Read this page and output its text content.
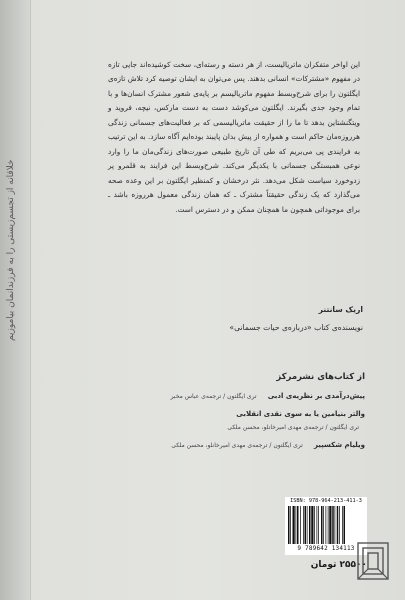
خلاقانه از تجسم‌زیستی را به فرزندانمان بیاموزیم

این اواخر متفکران ماتریالیست، از هر دسته و رسته‌ای، سخت کوشیده‌اند جایی تازه در مفهوم «مشترکات» انسانی بدهند. پس می‌توان به ایشان توصیه کرد تلاش تازه‌ی ایگلتون را برای شرح‌وبسط مفهوم ماتریالیسم بر پایه‌ی شعور مشترک انسان‌ها و با تمام وجود جدی بگیرند. ایگلتون می‌کوشد دست به دست مارکس، نیچه، فروید و ویتگنشتاین بدهد تا ما را از حقیقت ماتریالیسمی که بر فعالیت‌های جسمانی زندگی هرروزه‌مان حاکم است و همواره از پیش بدان پایبند بوده‌ایم آگاه سازد. به این ترتیب به فرایندی پی می‌بریم که طی آن تاریخ طبیعی صورت‌های زندگی‌مان ما را وارد نوعی همبستگی جسمانی با یکدیگر می‌کند. شرح‌وبسط این فرایند به قلمرو پر زدوخورد سیاست شکل می‌دهد. نثر درخشان و کمنظیر ایگلتون بر این وعده صحه می‌گذارد که یک زندگی حقیقتاً مشترک ـ که همان زندگی معمول هرروزه باشد ـ برای موجوداتی همچون ما همچنان ممکن و در دسترس است.

اریک سانتنر
نویسنده‌ی کتاب «درباره‌ی حیات جسمانی»
از کتاب‌های نشرمرکز
پیش‌درآمدی بر نظریه‌ی ادبی تری ایگلتون / ترجمه‌ی عباس مخبر
والتر بنیامین یا به سوی نقدی انقلابی
تری ایگلتون / ترجمه‌ی مهدی امیرخانلو، محسن ملکی
ویلیام شکسپیر تری ایگلتون / ترجمه‌ی مهدی امیرخانلو، محسن ملکی
ISBN: 978-964-213-411-3
9 789642 134113
۲۵۵۰۰ تومان
